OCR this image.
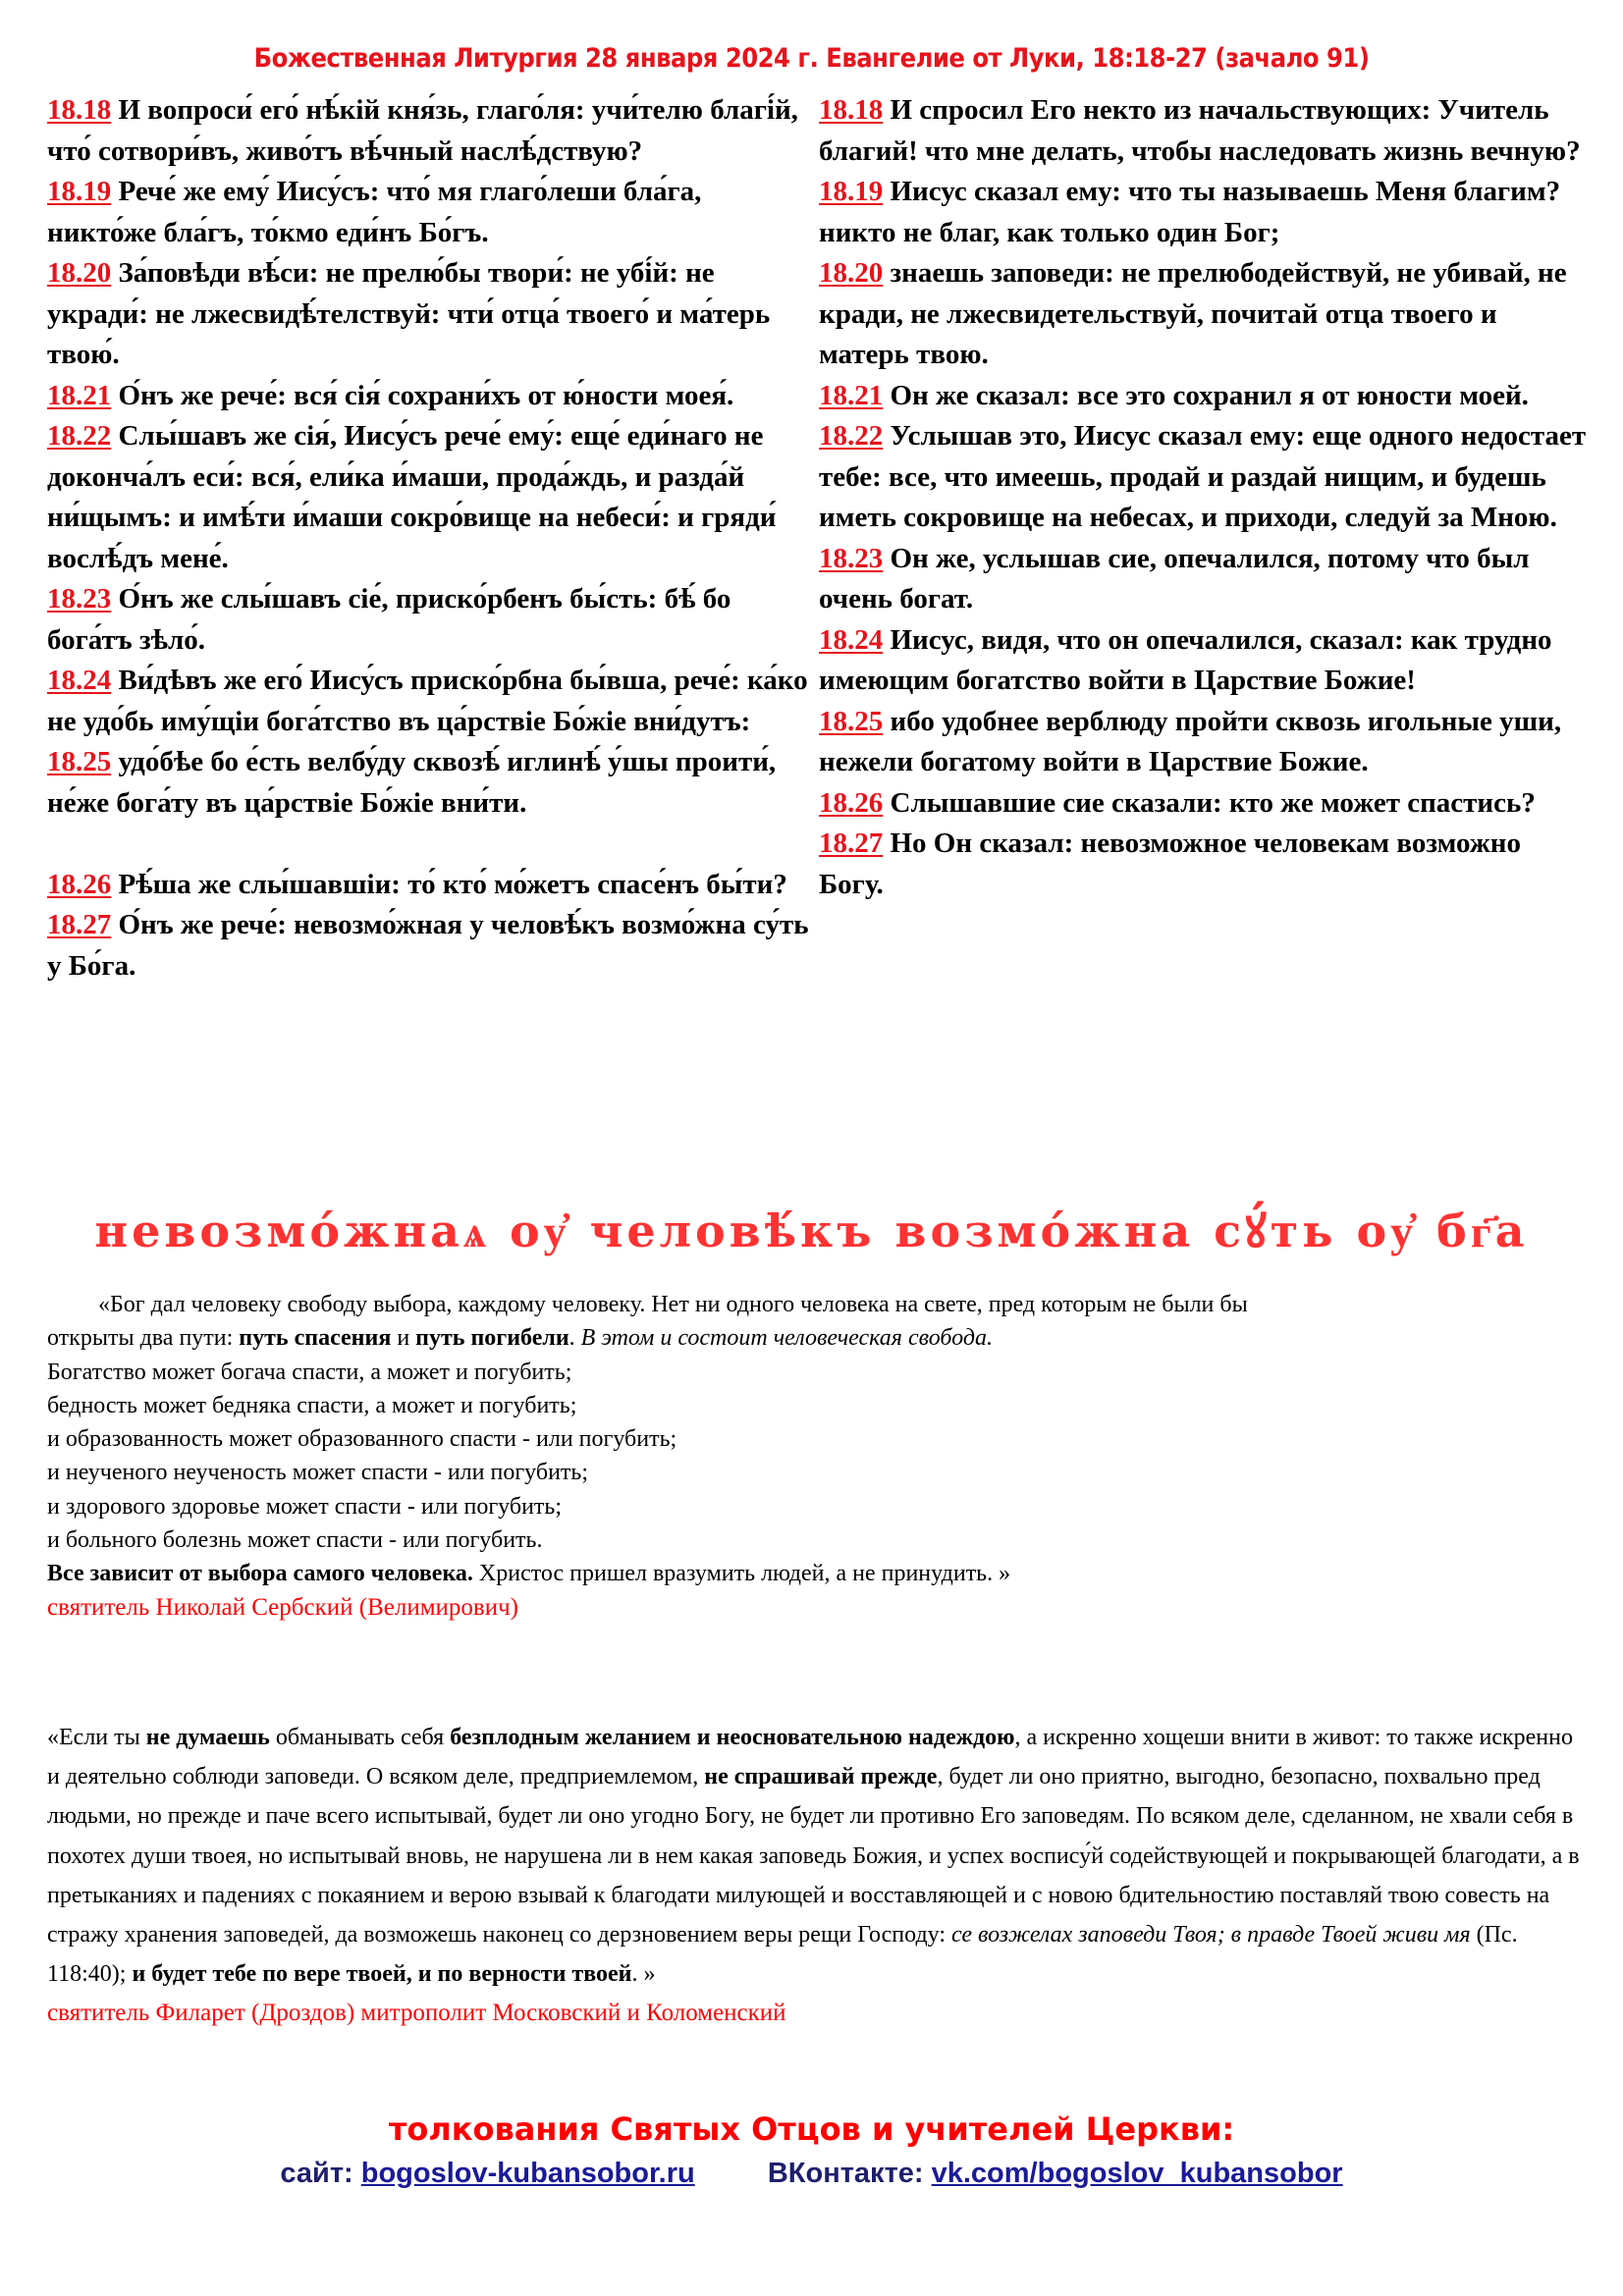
Божественная Литургия 28 января 2024 г. Евангелие от Луки, 18:18-27 (зачало 91)
18.18 И вопроси́ его́ нѣ́кій кня́зь, глаго́ля: учи́телю благі́й, что́ сотвори́въ, живо́тъ вѣ́чный наслѣ́дствую?
18.19 Рече́ же ему́ Иису́съ: что́ мя глаго́леши бла́га, никто́же бла́гъ, то́кмо еди́нъ Бо́гъ.
18.20 За́повѣди вѣ́си: не прелю́бы твори́: не убі́й: не укради́: не лжесвидѣ́телствуй: чти́ отца́ твоего́ и ма́терь твою́.
18.21 О́нъ же рече́: вся́ сія́ сохрани́хъ от ю́ности моея́.
18.22 Слы́шавъ же сія́, Иису́съ рече́ ему́: еще́ еди́наго не доконча́лъ еси́: вся́, ели́ка и́маши, прода́ждь, и разда́й ни́щымъ: и имѣ́ти и́маши сокро́вище на небеси́: и гряди́ вослѣ́дъ мене́.
18.23 О́нъ же слы́шавъ сіе́, приско́рбенъ бы́сть: бѣ́ бо бога́тъ зѣло́.
18.24 Ви́дѣвъ же его́ Иису́съ приско́рбна бы́вша, рече́: ка́ко не удо́бь иму́щіи бога́тство въ ца́рствіе Бо́жіе вни́дутъ:
18.25 удо́бѣе бо е́сть велбу́ду сквозѣ́ иглинѣ́ у́шы проити́, не́же бога́ту въ ца́рствіе Бо́жіе вни́ти.
18.26 Рѣ́ша же слы́шавшіи: то́ кто́ мо́жетъ спасе́нъ бы́ти?
18.27 О́нъ же рече́: невозмо́жная у человѣ́къ возмо́жна су́ть у Бо́га.
18.18 И спросил Его некто из начальствующих: Учитель благий! что мне делать, чтобы наследовать жизнь вечную?
18.19 Иисус сказал ему: что ты называешь Меня благим? никто не благ, как только один Бог;
18.20 знаешь заповеди: не прелюбодействуй, не убивай, не кради, не лжесвидетельствуй, почитай отца твоего и матерь твою.
18.21 Он же сказал: все это сохранил я от юности моей.
18.22 Услышав это, Иисус сказал ему: еще одного недостает тебе: все, что имеешь, продай и раздай нищим, и будешь иметь сокровище на небесах, и приходи, следуй за Мною.
18.23 Он же, услышав сие, опечалился, потому что был очень богат.
18.24 Иисус, видя, что он опечалился, сказал: как трудно имеющим богатство войти в Царствие Божие!
18.25 ибо удобнее верблюду пройти сквозь игольные уши, нежели богатому войти в Царствие Божие.
18.26 Слышавшие сие сказали: кто же может спастись?
18.27 Но Он сказал: невозможное человекам возможно Богу.
невозмо́жнаѧ оу҆ человѣ́къ возмо́жна сꙋ́ть оу҆ бг҃а
«Бог дал человеку свободу выбора, каждому человеку. Нет ни одного человека на свете, пред которым не были бы
открыты два пути: путь спасения и путь погибели. В этом и состоит человеческая свобода.
Богатство может богача спасти, а может и погубить;
бедность может бедняка спасти, а может и погубить;
и образованность может образованного спасти - или погубить;
и неученого неученость может спасти - или погубить;
и здорового здоровье может спасти - или погубить;
и больного болезнь может спасти - или погубить.
Все зависит от выбора самого человека. Христос пришел вразумить людей, а не принудить. »
святитель Николай Сербский (Велимирович)
«Если ты не думаешь обманывать себя безплодным желанием и неосновательною надеждою, а искренно хощеши внити в живот: то также искренно и деятельно соблюди заповеди. О всяком деле, предприемлемом, не спрашивай прежде, будет ли оно приятно, выгодно, безопасно, похвально пред людьми, но прежде и паче всего испытывай, будет ли оно угодно Богу, не будет ли противно Его заповедям. По всяком деле, сделанном, не хвали себя в похотех души твоея, но испытывай вновь, не нарушена ли в нем какая заповедь Божия, и успех воспису́й содействующей и покрывающей благодати, а в претыканиях и падениях с покаянием и верою взывай к благодати милующей и восставляющей и с новою бдительностию поставляй твою совесть на стражу хранения заповедей, да возможешь наконец со дерзновением веры рещи Господу: се возжелах заповеди Твоя; в правде Твоей живи мя (Пс. 118:40); и будет тебе по вере твоей, и по верности твоей. »
святитель Филарет (Дроздов) митрополит Московский и Коломенский
толкования Святых Отцов и учителей Церкви:
сайт: bogoslov-kubansobor.ru	ВКонтакте: vk.com/bogoslov_kubansobor
